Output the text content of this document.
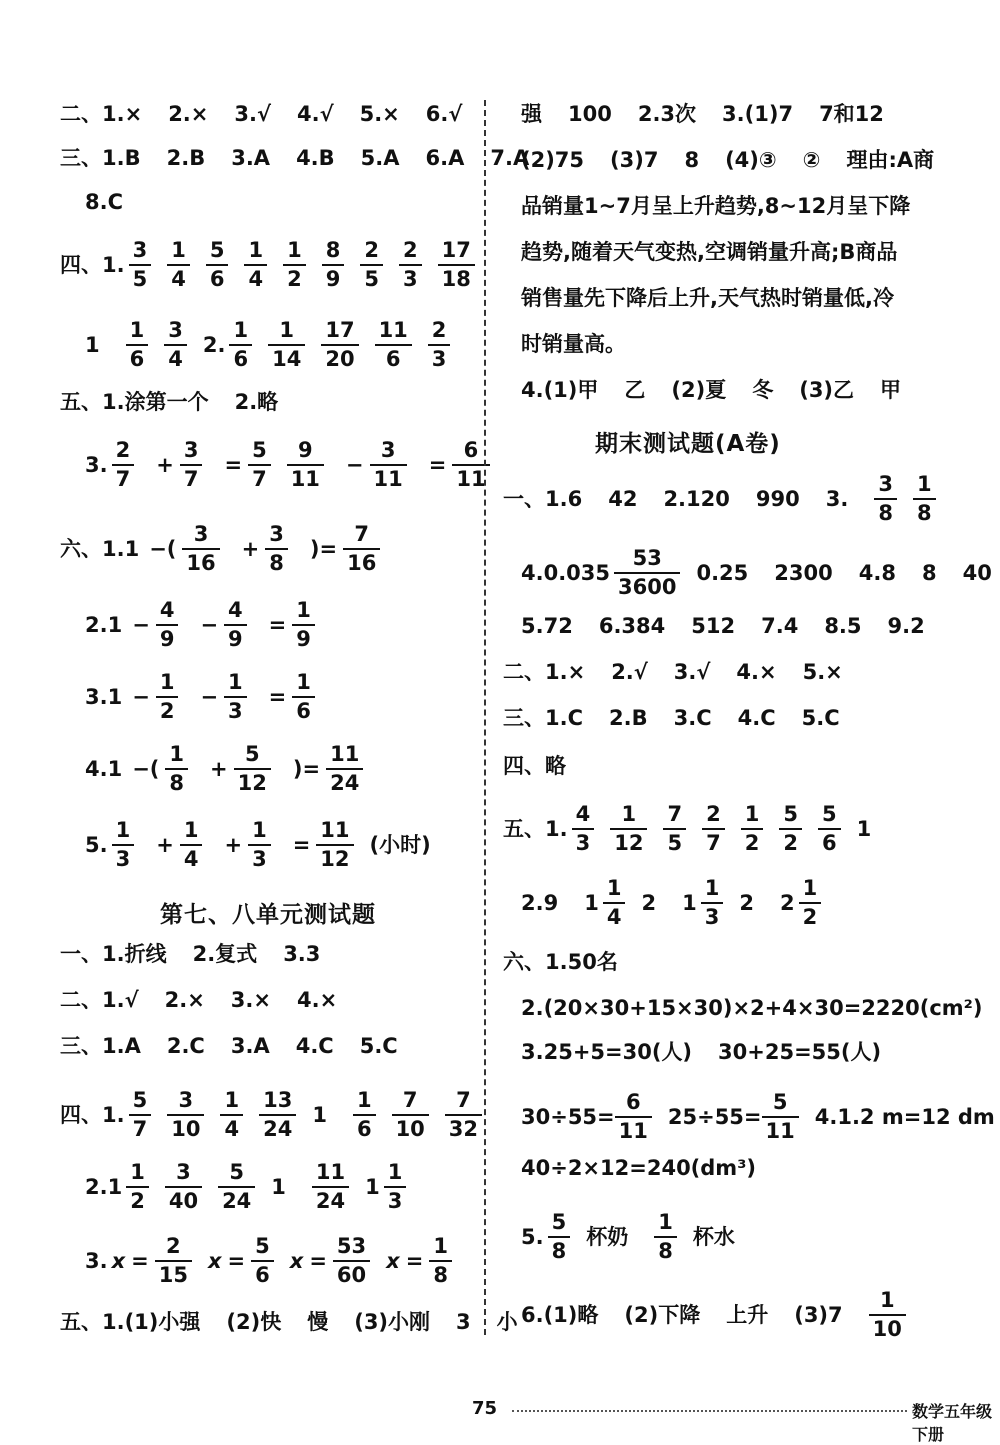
二、1.× 2.× 3.√ 4.√ 5.× 6.√
三、1.B 2.B 3.A 4.B 5.A 6.A 7.A
8.C
四、1. $\frac{3}{5} \frac{1}{4} \frac{5}{6} \frac{1}{4} \frac{1}{2} \frac{8}{9} \frac{2}{5} \frac{2}{3} \frac{17}{18}$
$1 \frac{1}{6} \frac{3}{4} 2$. $\frac{1}{6} \frac{1}{14} \frac{17}{20} \frac{11}{6} \frac{2}{3}$
五、1.涂第一个 2.略
3. $\frac{2}{7} + \frac{3}{7} = \frac{5}{7} \frac{9}{11} - \frac{3}{11} = \frac{6}{11}$
六、1.1 −( $\frac{3}{16} + \frac{3}{8}$ )= $\frac{7}{16}$
$2.1 - \frac{4}{9} - \frac{4}{9} = \frac{1}{9}$
$3.1 - \frac{1}{2} - \frac{1}{3} = \frac{1}{6}$
4.1 −( $\frac{1}{8} + \frac{5}{12}$ )= $\frac{11}{24}$
5. $\frac{1}{3} + \frac{1}{4} + \frac{1}{3} = \frac{11}{12}$ (小时)
第七、八单元测试题
一、1.折线 2.复式 3.3
二、1.√ 2.× 3.× 4.×
三、1.A 2.C 3.A 4.C 5.C
四、1. $\frac{5}{7} \frac{3}{10} \frac{1}{4} \frac{13}{24} 1 \frac{1}{6} \frac{7}{10} \frac{7}{32}$
$2.1 \frac{1}{2} \frac{3}{40} \frac{5}{24} 1 \frac{11}{24} 1 \frac{1}{3}$
3. $x = \frac{2}{15}$ $x = \frac{5}{6}$ $x = \frac{53}{60}$ $x = \frac{1}{8}$
五、1.(1)小强 (2)快 慢 (3)小刚 3 小
强 100 2.3次 3.(1)7 7和12
(2)75 (3)7 8 (4)③ ② 理由:A商
品销量1~7月呈上升趋势,8~12月呈下降
趋势,随着天气变热,空调销量升高;B商品
销售量先下降后上升,天气热时销量低,冷
时销量高。
4.(1)甲 乙 (2)夏 冬 (3)乙 甲
期末测试题(A卷)
一、1.6 42 2.120 990 3. $\frac{3}{8} \frac{1}{8}$
$4.0.035 \frac{53}{3600} 0.25$ 2300 4.8 8 40
5.72 6.384 512 7.4 8.5 9.2
二、1.× 2.√ 3.√ 4.× 5.×
三、1.C 2.B 3.C 4.C 5.C
四、略
五、1. $\frac{4}{3} \frac{1}{12} \frac{7}{5} \frac{2}{7} \frac{1}{2} \frac{5}{2} \frac{5}{6} 1$
2.9 $1 \frac{1}{4} 2$ $1 \frac{1}{3} 2$ $2 \frac{1}{2}$
六、1.50名
2.(20×30+15×30)×2+4×30=2220(cm²)
3.25+5=30(人) 30+25=55(人)
$30\div 55= \frac{6}{11} 25\div 55= \frac{5}{11} 4.1.2$ m=12 dm
40÷2×12=240(dm³)
5. $\frac{5}{8}$ 杯奶 $\frac{1}{8}$ 杯水
6.(1)略 (2)下降 上升 $(3)7 \frac{1}{10}$
75	数学五年级下册
